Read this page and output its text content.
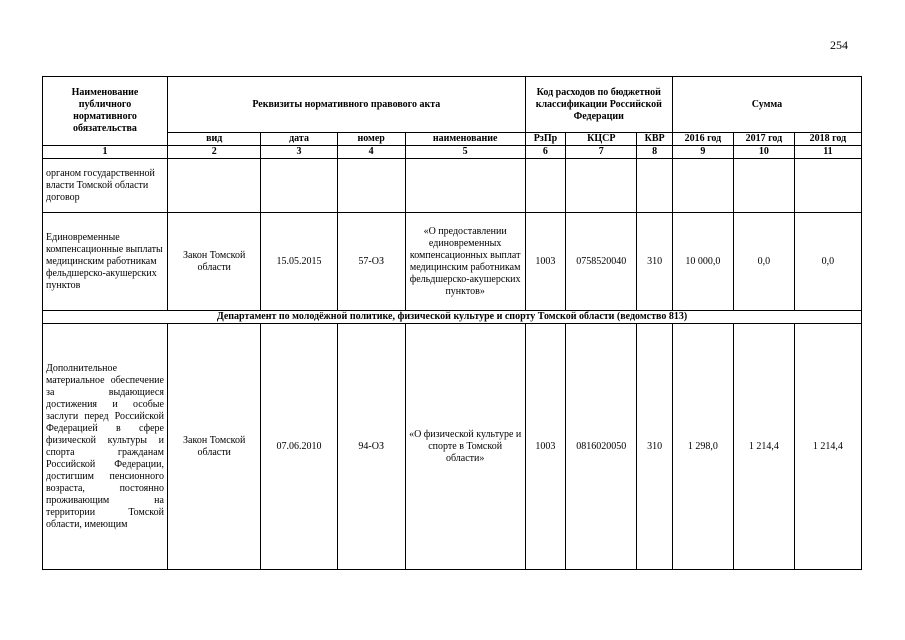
254
Наименование публичного нормативного обязательства	Реквизиты нормативного правового акта				Код расходов по бюджетной классификации Российской Федерации			Сумма		
	вид	дата	номер	наименование	РзПр	КЦСР	КВР	2016 год	2017 год	2018 год
1	2	3	4	5	6	7	8	9	10	11
органом государственной власти Томской области договор										
Единовременные компенсационные выплаты медицинским работникам фельдшерско-акушерских пунктов	Закон Томской области	15.05.2015	57-ОЗ	«О предоставлении единовременных компенсационных выплат медицинским работникам фельдшерско-акушерских пунктов»	1003	0758520040	310	10 000,0	0,0	0,0
Департамент по молодёжной политике, физической культуре и спорту Томской области (ведомство 813)										
Дополнительное материальное обеспечение за выдающиеся достижения и особые заслуги перед Российской Федерацией в сфере физической культуры и спорта гражданам Российской Федерации, достигшим пенсионного возраста, постоянно проживающим на территории Томской области, имеющим	Закон Томской области	07.06.2010	94-ОЗ	«О физической культуре и спорте в Томской области»	1003	0816020050	310	1 298,0	1 214,4	1 214,4
